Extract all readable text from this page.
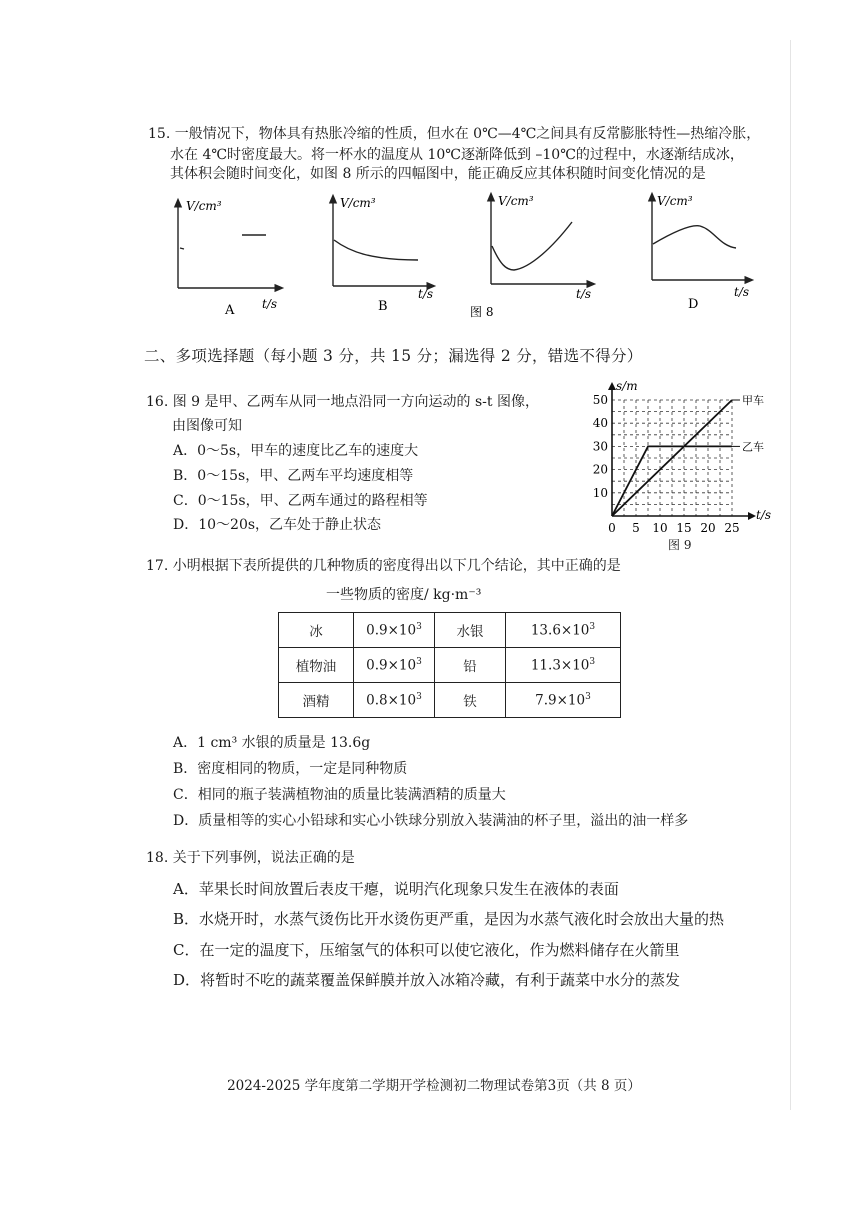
15. 一般情况下，物体具有热胀冷缩的性质，但水在 0℃—4℃之间具有反常膨胀特性—热缩冷胀，
水在 4℃时密度最大。将一杯水的温度从 10℃逐渐降低到 –10℃的过程中，水逐渐结成冰，
其体积会随时间变化，如图 8 所示的四幅图中，能正确反应其体积随时间变化情况的是
V/cm³
t/s
A
V/cm³
t/s
B
V/cm³
t/s
V/cm³
t/s
D
图 8
二、多项选择题（每小题 3 分，共 15 分；漏选得 2 分，错选不得分）
16. 图 9 是甲、乙两车从同一地点沿同一方向运动的 s-t 图像，
由图像可知
A．0～5s，甲车的速度比乙车的速度大
B．0～15s，甲、乙两车平均速度相等
C．0～15s，甲、乙两车通过的路程相等
D．10～20s，乙车处于静止状态
s/m
t/s
0 5 10 15 20 25
10
20
30
40
50	甲车
乙车
图 9
17. 小明根据下表所提供的几种物质的密度得出以下几个结论，其中正确的是
一些物质的密度/ kg·m⁻³
冰	$0.9\times 10^3$	水银	$13.6\times 10^3$
植物油	$0.9\times 10^3$	铅	$11.3\times 10^3$
酒精	$0.8\times 10^3$	铁	$7.9\times 10^3$
A．1 cm³ 水银的质量是 13.6g
B．密度相同的物质，一定是同种物质
C．相同的瓶子装满植物油的质量比装满酒精的质量大
D．质量相等的实心小铅球和实心小铁球分别放入装满油的杯子里，溢出的油一样多
18. 关于下列事例，说法正确的是
A．苹果长时间放置后表皮干瘪，说明汽化现象只发生在液体的表面
B．水烧开时，水蒸气烫伤比开水烫伤更严重，是因为水蒸气液化时会放出大量的热
C．在一定的温度下，压缩氢气的体积可以使它液化，作为燃料储存在火箭里
D．将暂时不吃的蔬菜覆盖保鲜膜并放入冰箱冷藏，有利于蔬菜中水分的蒸发
2024-2025 学年度第二学期开学检测初二物理试卷第3页（共 8 页）
